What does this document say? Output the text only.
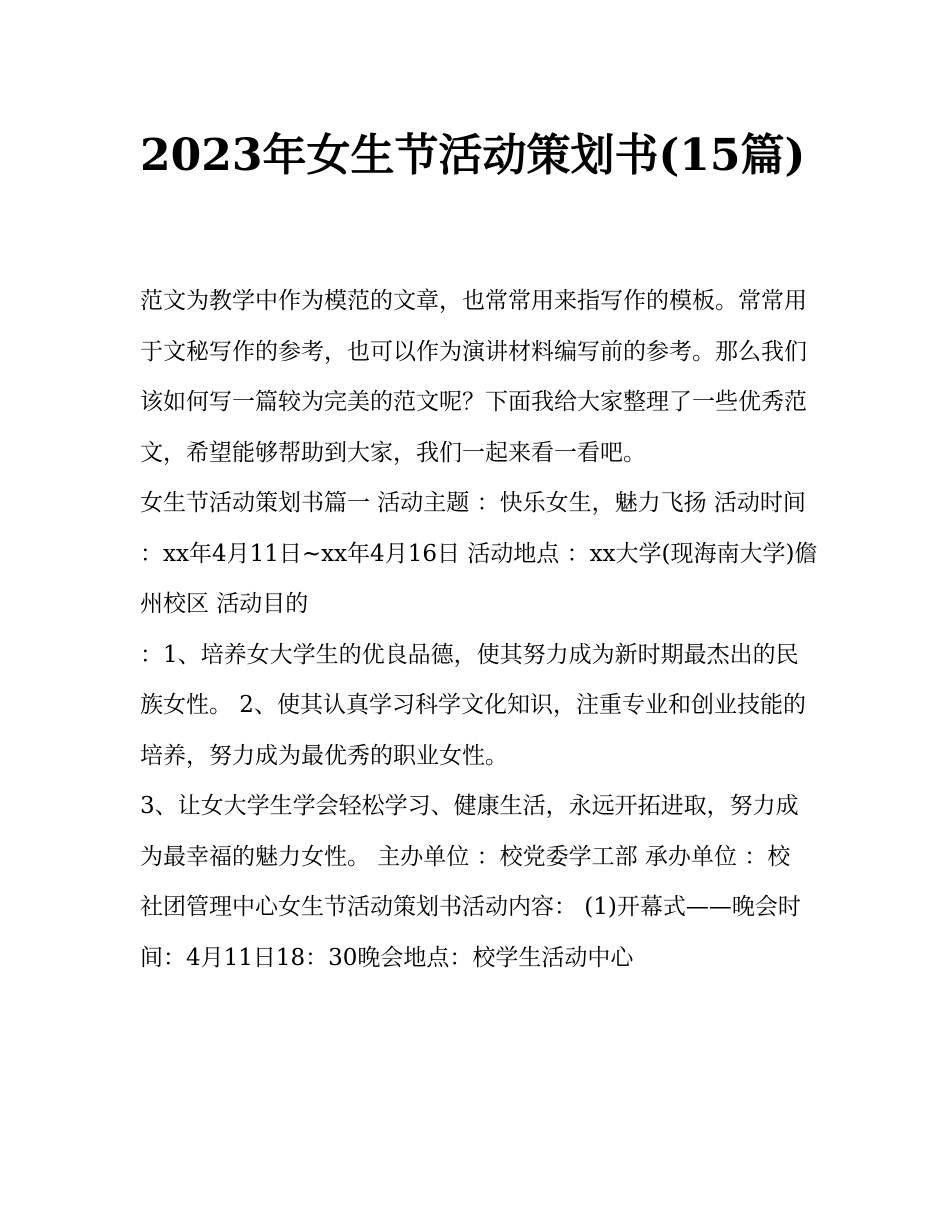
2023年女生节活动策划书(15篇)

范文为教学中作为模范的文章，也常常用来指写作的模板。常常用于文秘写作的参考，也可以作为演讲材料编写前的参考。那么我们该如何写一篇较为完美的范文呢？下面我给大家整理了一些优秀范文，希望能够帮助到大家，我们一起来看一看吧。

女生节活动策划书篇一 活动主题 ：快乐女生，魅力飞扬 活动时间 ：xx年4月11日~xx年4月16日 活动地点 ：xx大学(现海南大学)儋州校区 活动目的

：1、培养女大学生的优良品德，使其努力成为新时期最杰出的民族女性。 2、使其认真学习科学文化知识，注重专业和创业技能的培养，努力成为最优秀的职业女性。

3、让女大学生学会轻松学习、健康生活，永远开拓进取，努力成为最幸福的魅力女性。 主办单位 ：校党委学工部 承办单位 ：校

社团管理中心女生节活动策划书活动内容： (1)开幕式——晚会时间：4月11日18：30晚会地点：校学生活动中心
